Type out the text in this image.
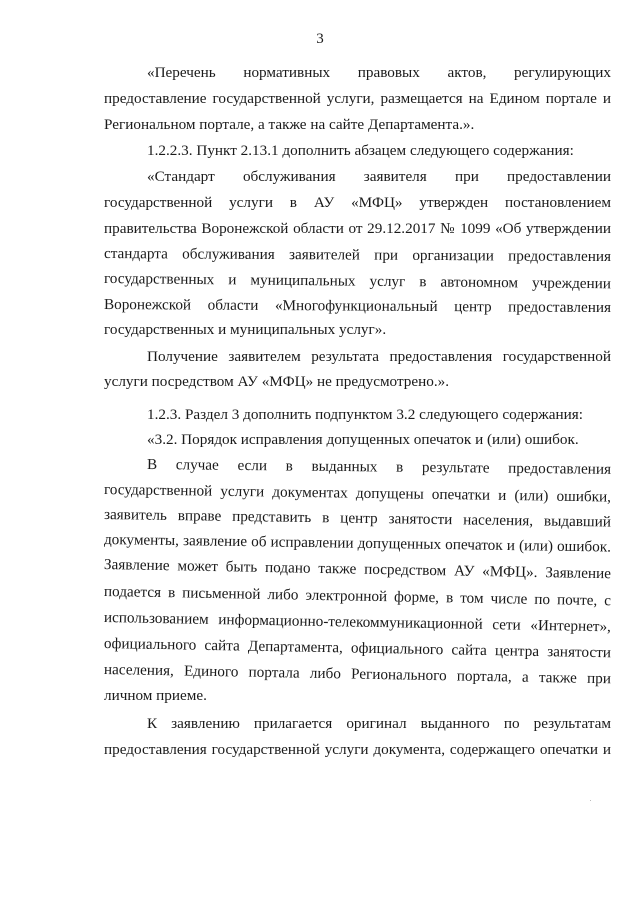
3
«Перечень нормативных правовых актов, регулирующих
предоставление государственной услуги, размещается на Едином портале и
Региональном портале, а также на сайте Департамента.».
1.2.2.3. Пункт 2.13.1 дополнить абзацем следующего содержания:
«Стандарт обслуживания заявителя при предоставлении
государственной услуги в АУ «МФЦ» утвержден постановлением
правительства Воронежской области от 29.12.2017 № 1099 «Об утверждении
стандарта обслуживания заявителей при организации предоставления
государственных и муниципальных услуг в автономном учреждении
Воронежской области «Многофункциональный центр предоставления
государственных и муниципальных услуг».
Получение заявителем результата предоставления государственной
услуги посредством АУ «МФЦ» не предусмотрено.».
1.2.3. Раздел 3 дополнить подпунктом 3.2 следующего содержания:
«3.2. Порядок исправления допущенных опечаток и (или) ошибок.
В случае если в выданных в результате предоставления
государственной услуги документах допущены опечатки и (или) ошибки,
заявитель вправе представить в центр занятости населения, выдавший
документы, заявление об исправлении допущенных опечаток и (или) ошибок.
Заявление может быть подано также посредством АУ «МФЦ». Заявление
подается в письменной либо электронной форме, в том числе по почте, с
использованием информационно-телекоммуникационной сети «Интернет»,
официального сайта Департамента, официального сайта центра занятости
населения, Единого портала либо Регионального портала, а также при
личном приеме.
К заявлению прилагается оригинал выданного по результатам
предоставления государственной услуги документа, содержащего опечатки и
